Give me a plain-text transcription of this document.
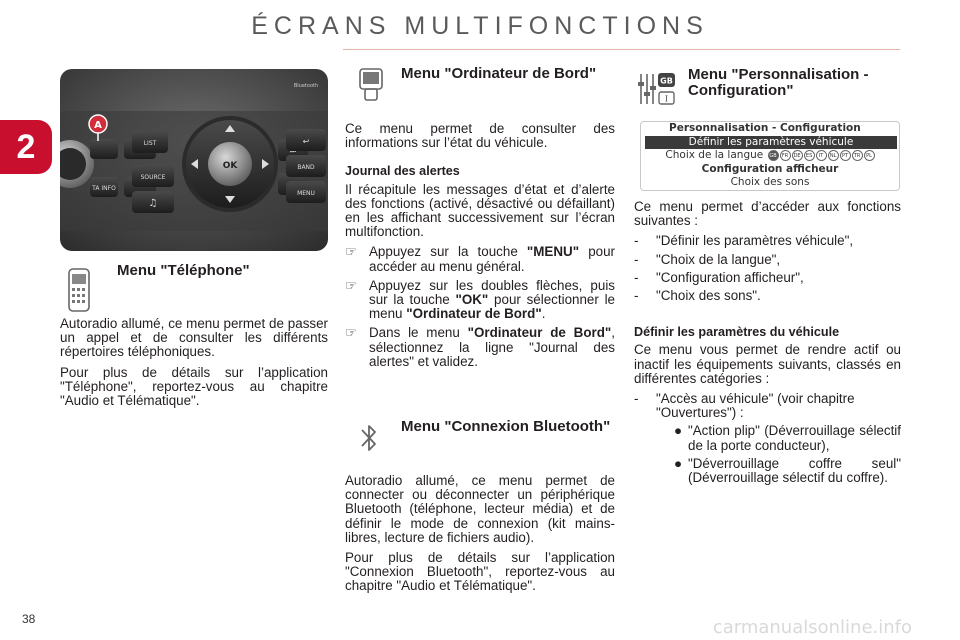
ÉCRANS MULTIFONCTIONS
2
TA INFO
LIST
SOURCE
♫
OK
↩
BAND
MENU
Bluetooth
A
Menu "Téléphone"

Autoradio allumé, ce menu permet de passer un appel et de consulter les différents répertoires téléphoniques.

Pour plus de détails sur l’application "Téléphone", reportez-vous au chapitre "Audio et Télématique".

Menu "Ordinateur de Bord"

Ce menu permet de consulter des informations sur l’état du véhicule.

Journal des alertes

Il récapitule les messages d’état et d’alerte des fonctions (activé, désactivé ou défaillant) en les affichant successivement sur l’écran multifonction.

☞ Appuyez sur la touche "MENU" pour accéder au menu général.
☞ Appuyez sur les doubles flèches, puis sur la touche "OK" pour sélectionner le menu "Ordinateur de Bord".
☞ Dans le menu "Ordinateur de Bord", sélectionnez la ligne "Journal des alertes" et validez.
Menu "Connexion Bluetooth"

Autoradio allumé, ce menu permet de connecter ou déconnecter un périphérique Bluetooth (téléphone, lecteur média) et de définir le mode de connexion (kit mains-libres, lecture de fichiers audio).

Pour plus de détails sur l’application "Connexion Bluetooth", reportez-vous au chapitre "Audio et Télématique".

GB
I
Menu "Personnalisation - Configuration"
Personnalisation - Configuration
Définir les paramètres véhicule
Choix de la langue GB FR DE ES IT NL PT TR PL
Configuration afficheur
Choix des sons

Ce menu permet d’accéder aux fonctions suivantes :

-	"Définir les paramètres véhicule",
-	"Choix de la langue",
-	"Configuration afficheur",
-	"Choix des sons".

Définir les paramètres du véhicule

Ce menu vous permet de rendre actif ou inactif les équipements suivants, classés en différentes catégories :

-	"Accès au véhicule" (voir chapitre "Ouvertures") :
● "Action plip" (Déverrouillage sélectif de la porte conducteur),
● "Déverrouillage coffre seul" (Déverrouillage sélectif du coffre).
38	carmanualsonline.info
